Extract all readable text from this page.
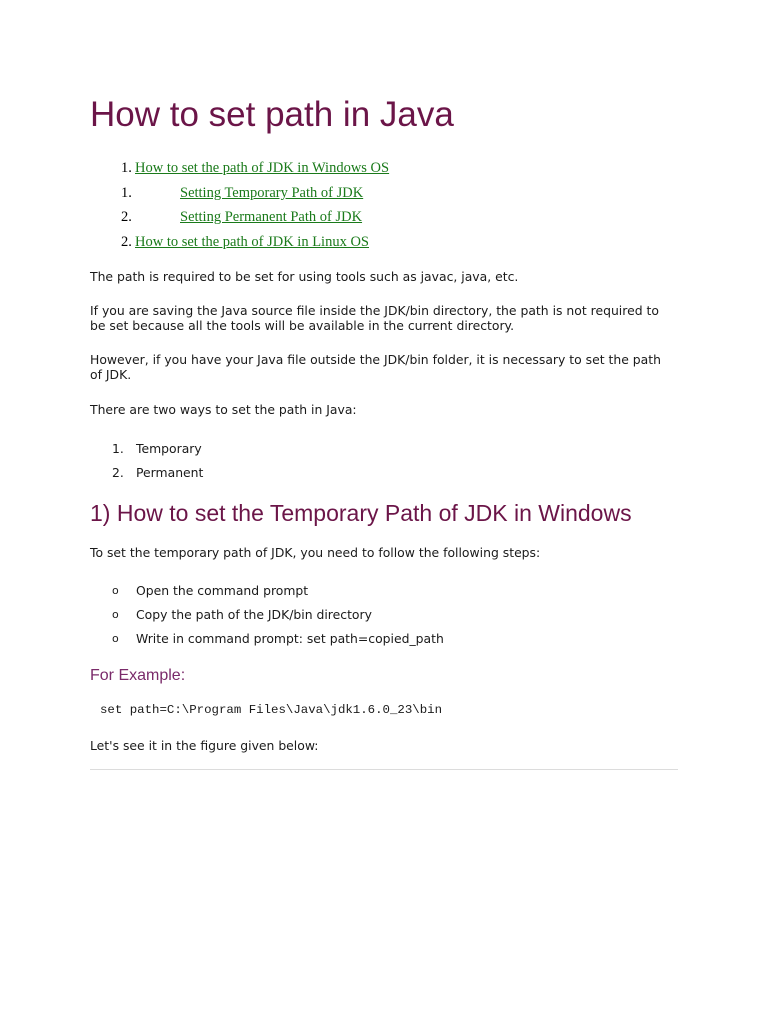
How to set path in Java
1. How to set the path of JDK in Windows OS
1.	Setting Temporary Path of JDK
2.	Setting Permanent Path of JDK
2. How to set the path of JDK in Linux OS

The path is required to be set for using tools such as javac, java, etc.

If you are saving the Java source file inside the JDK/bin directory, the path is not required to be set because all the tools will be available in the current directory.

However, if you have your Java file outside the JDK/bin folder, it is necessary to set the path of JDK.

There are two ways to set the path in Java:

1. Temporary
2. Permanent
1) How to set the Temporary Path of JDK in Windows

To set the temporary path of JDK, you need to follow the following steps:

o Open the command prompt
o Copy the path of the JDK/bin directory
o Write in command prompt: set path=copied_path
For Example:
set path=C:\Program Files\Java\jdk1.6.0_23\bin

Let's see it in the figure given below:
